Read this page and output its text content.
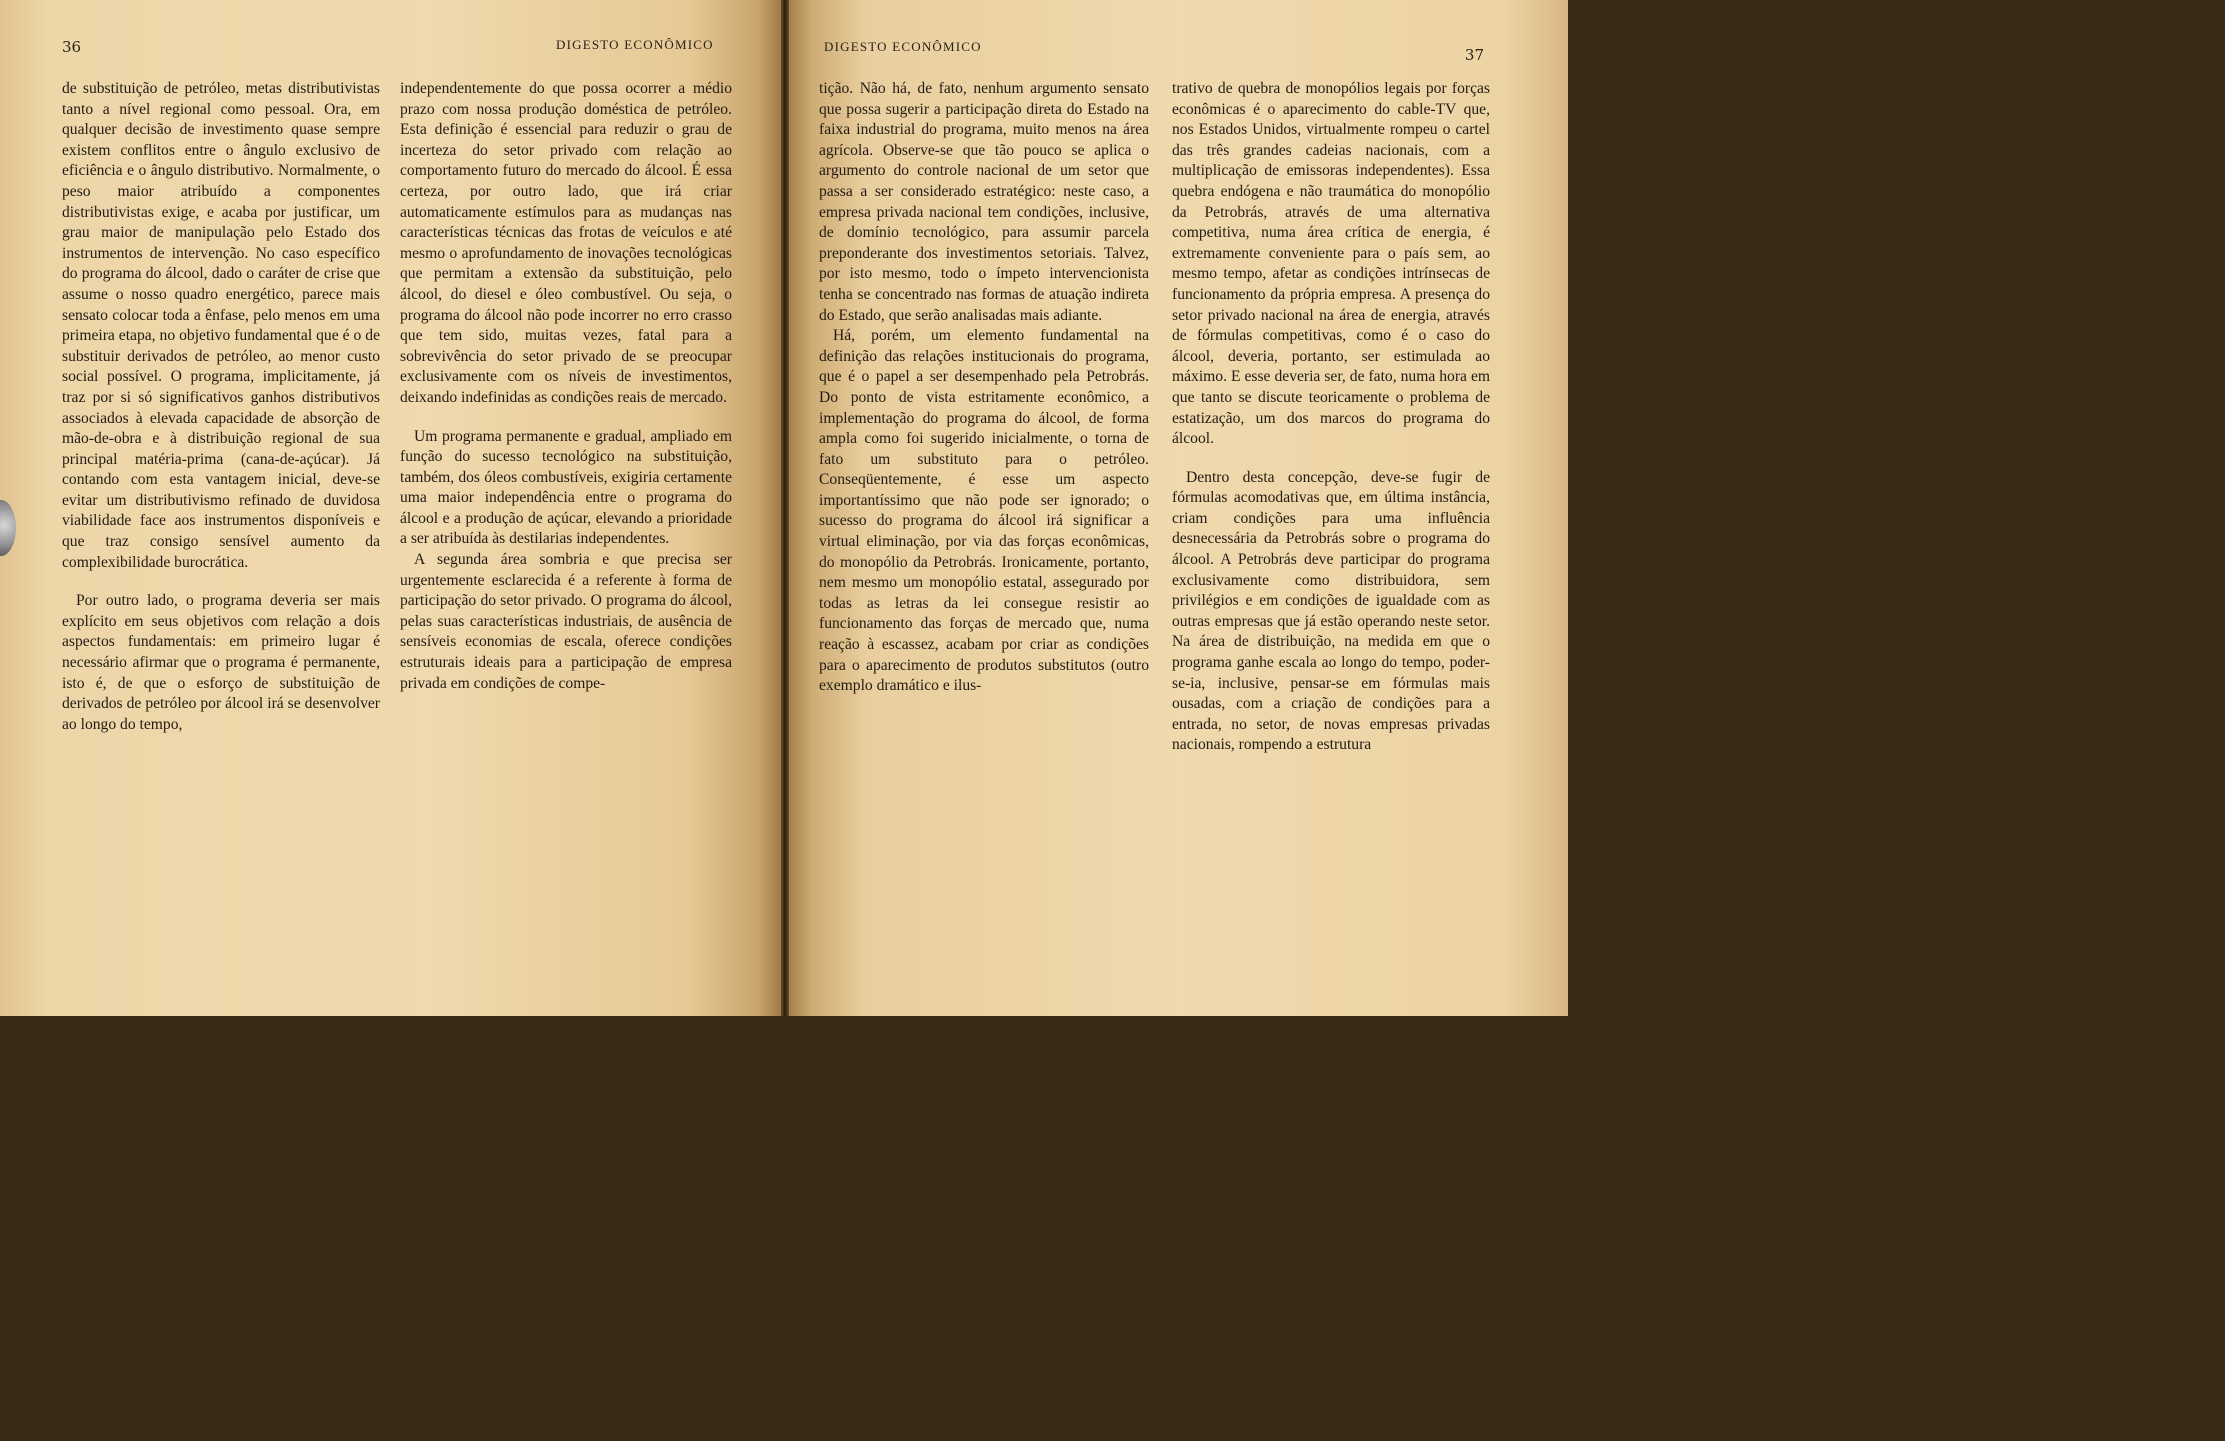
36	DIGESTO ECONÔMICO

de substituição de petróleo, metas distributivistas tanto a nível regional como pessoal. Ora, em qualquer decisão de investimento quase sempre existem conflitos entre o ângulo exclusivo de eficiência e o ângulo distributivo. Normalmente, o peso maior atribuído a componentes distributivistas exige, e acaba por justificar, um grau maior de manipulação pelo Estado dos instrumentos de intervenção. No caso específico do programa do álcool, dado o caráter de crise que assume o nosso quadro energético, parece mais sensato colocar toda a ênfase, pelo menos em uma primeira etapa, no objetivo fundamental que é o de substituir derivados de petróleo, ao menor custo social possível. O programa, implicitamente, já traz por si só significativos ganhos distributivos associados à elevada capacidade de absorção de mão-de-obra e à distribuição regional de sua principal matéria-prima (cana-de-açúcar). Já contando com esta vantagem inicial, deve-se evitar um distributivismo refinado de duvidosa viabilidade face aos instrumentos disponíveis e que traz consigo sensível aumento da complexibilidade burocrática.

Por outro lado, o programa deveria ser mais explícito em seus objetivos com relação a dois aspectos fundamentais: em primeiro lugar é necessário afirmar que o programa é permanente, isto é, de que o esforço de substituição de derivados de petróleo por álcool irá se desenvolver ao longo do tempo,

independentemente do que possa ocorrer a médio prazo com nossa produção doméstica de petróleo. Esta definição é essencial para reduzir o grau de incerteza do setor privado com relação ao comportamento futuro do mercado do álcool. É essa certeza, por outro lado, que irá criar automaticamente estímulos para as mudanças nas características técnicas das frotas de veículos e até mesmo o aprofundamento de inovações tecnológicas que permitam a extensão da substituição, pelo álcool, do diesel e óleo combustível. Ou seja, o programa do álcool não pode incorrer no erro crasso que tem sido, muitas vezes, fatal para a sobrevivência do setor privado de se preocupar exclusivamente com os níveis de investimentos, deixando indefinidas as condições reais de mercado.

Um programa permanente e gradual, ampliado em função do sucesso tecnológico na substituição, também, dos óleos combustíveis, exigiria certamente uma maior independência entre o programa do álcool e a produção de açúcar, elevando a prioridade a ser atribuída às destilarias independentes.

A segunda área sombria e que precisa ser urgentemente esclarecida é a referente à forma de participação do setor privado. O programa do álcool, pelas suas características industriais, de ausência de sensíveis economias de escala, oferece condições estruturais ideais para a participação de empresa privada em condições de compe-

DIGESTO ECONÔMICO	37

tição. Não há, de fato, nenhum argumento sensato que possa sugerir a participação direta do Estado na faixa industrial do programa, muito menos na área agrícola. Observe-se que tão pouco se aplica o argumento do controle nacional de um setor que passa a ser considerado estratégico: neste caso, a empresa privada nacional tem condições, inclusive, de domínio tecnológico, para assumir parcela preponderante dos investimentos setoriais. Talvez, por isto mesmo, todo o ímpeto intervencionista tenha se concentrado nas formas de atuação indireta do Estado, que serão analisadas mais adiante.

Há, porém, um elemento fundamental na definição das relações institucionais do programa, que é o papel a ser desempenhado pela Petrobrás. Do ponto de vista estritamente econômico, a implementação do programa do álcool, de forma ampla como foi sugerido inicialmente, o torna de fato um substituto para o petróleo. Conseqüentemente, é esse um aspecto importantíssimo que não pode ser ignorado; o sucesso do programa do álcool irá significar a virtual eliminação, por via das forças econômicas, do monopólio da Petrobrás. Ironicamente, portanto, nem mesmo um monopólio estatal, assegurado por todas as letras da lei consegue resistir ao funcionamento das forças de mercado que, numa reação à escassez, acabam por criar as condições para o aparecimento de produtos substitutos (outro exemplo dramático e ilus-

trativo de quebra de monopólios legais por forças econômicas é o aparecimento do cable-TV que, nos Estados Unidos, virtualmente rompeu o cartel das três grandes cadeias nacionais, com a multiplicação de emissoras independentes). Essa quebra endógena e não traumática do monopólio da Petrobrás, através de uma alternativa competitiva, numa área crítica de energia, é extremamente conveniente para o país sem, ao mesmo tempo, afetar as condições intrínsecas de funcionamento da própria empresa. A presença do setor privado nacional na área de energia, através de fórmulas competitivas, como é o caso do álcool, deveria, portanto, ser estimulada ao máximo. E esse deveria ser, de fato, numa hora em que tanto se discute teoricamente o problema de estatização, um dos marcos do programa do álcool.

Dentro desta concepção, deve-se fugir de fórmulas acomodativas que, em última instância, criam condições para uma influência desnecessária da Petrobrás sobre o programa do álcool. A Petrobrás deve participar do programa exclusivamente como distribuidora, sem privilégios e em condições de igualdade com as outras empresas que já estão operando neste setor. Na área de distribuição, na medida em que o programa ganhe escala ao longo do tempo, poder-se-ia, inclusive, pensar-se em fórmulas mais ousadas, com a criação de condições para a entrada, no setor, de novas empresas privadas nacionais, rompendo a estrutura
